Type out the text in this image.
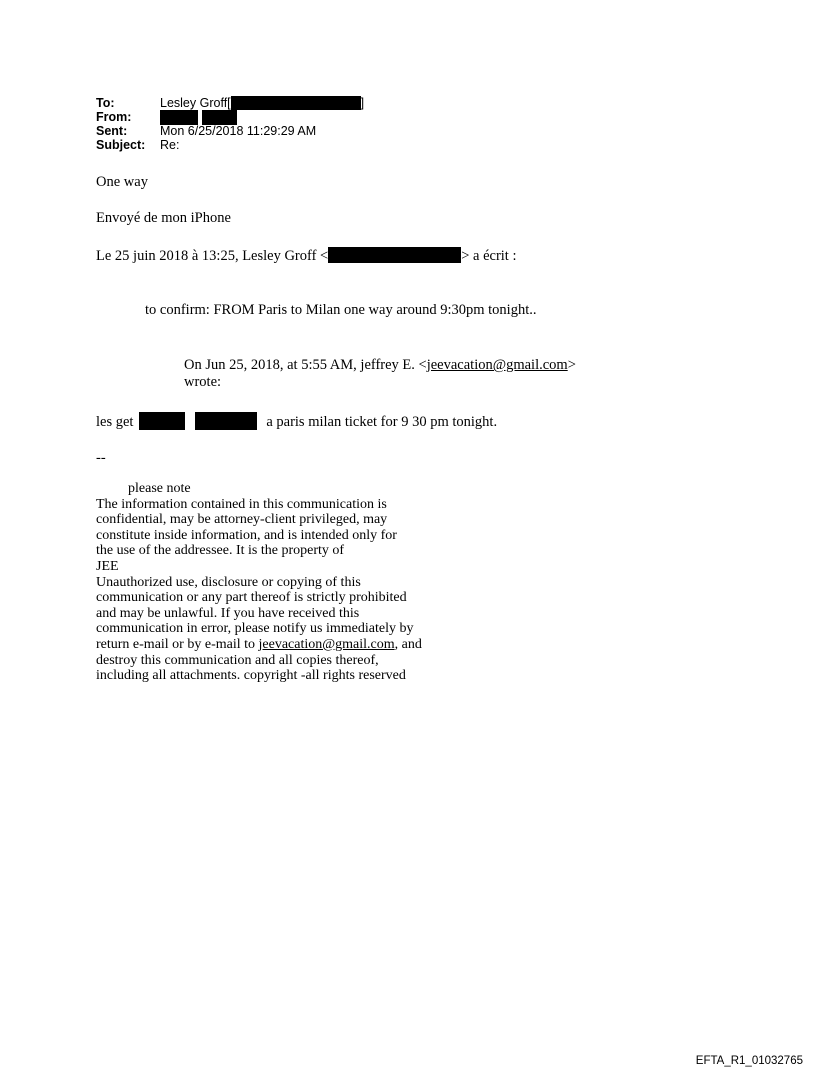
To:	Lesley Groff[	]
From:
Sent:	Mon 6/25/2018 11:29:29 AM
Subject:	Re:
One way
Envoyé de mon iPhone
Le 25 juin 2018 à 13:25, Lesley Groff <	> a écrit :
to confirm: FROM Paris to Milan one way around 9:30pm tonight..
On Jun 25, 2018, at 5:55 AM, jeffrey E. <jeevacation@gmail.com>
wrote:
les get	a paris milan ticket for 9 30 pm tonight.
--
please note
The information contained in this communication is
confidential, may be attorney-client privileged, may
constitute inside information, and is intended only for
the use of the addressee. It is the property of
JEE
Unauthorized use, disclosure or copying of this
communication or any part thereof is strictly prohibited
and may be unlawful. If you have received this
communication in error, please notify us immediately by
return e-mail or by e-mail to jeevacation@gmail.com, and
destroy this communication and all copies thereof,
including all attachments. copyright -all rights reserved
EFTA_R1_01032765
